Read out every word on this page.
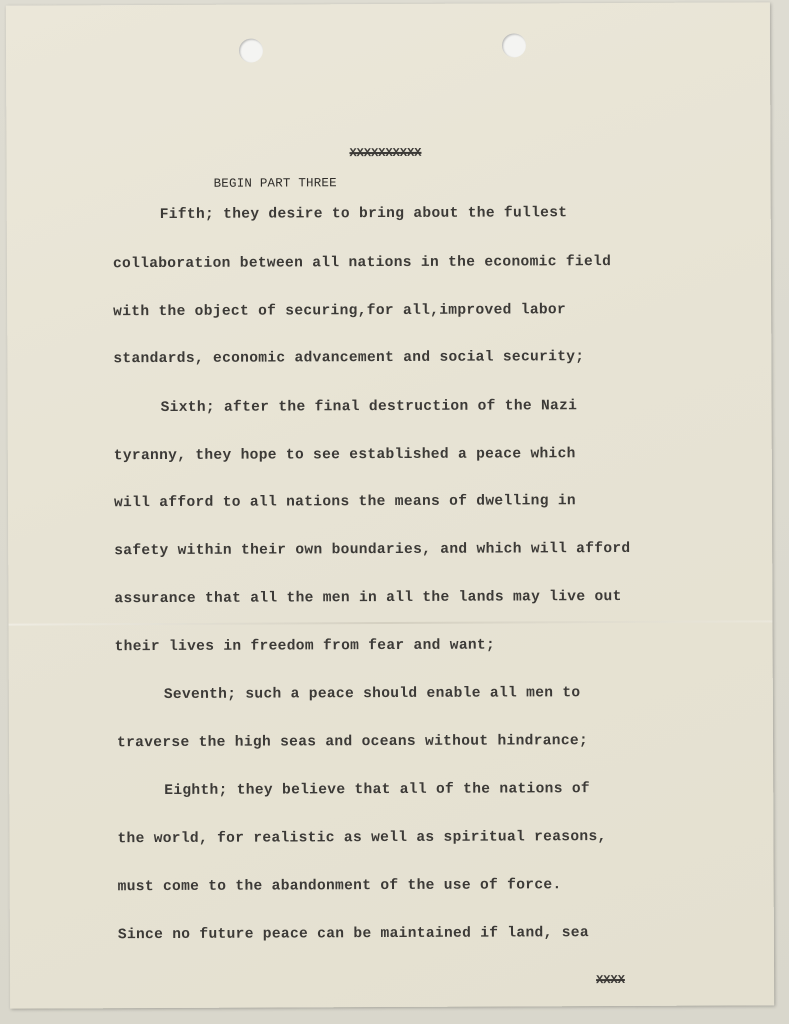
XXXXXXXXXX

BEGIN PART THREE

Fifth; they desire to bring about the fullest

collaboration between all nations in the economic field

with the object of securing,for all,improved labor

standards, economic advancement and social security;

Sixth; after the final destruction of the Nazi

tyranny, they hope to see established a peace which

will afford to all nations the means of dwelling in

safety within their own boundaries, and which will afford

assurance that all the men in all the lands may live out

their lives in freedom from fear and want;

Seventh; such a peace should enable all men to

traverse the high seas and oceans without hindrance;

Eighth; they believe that all of the nations of

the world, for realistic as well as spiritual reasons,

must come to the abandonment of the use of force.

Since no future peace can be maintained if land, sea

XXXX
